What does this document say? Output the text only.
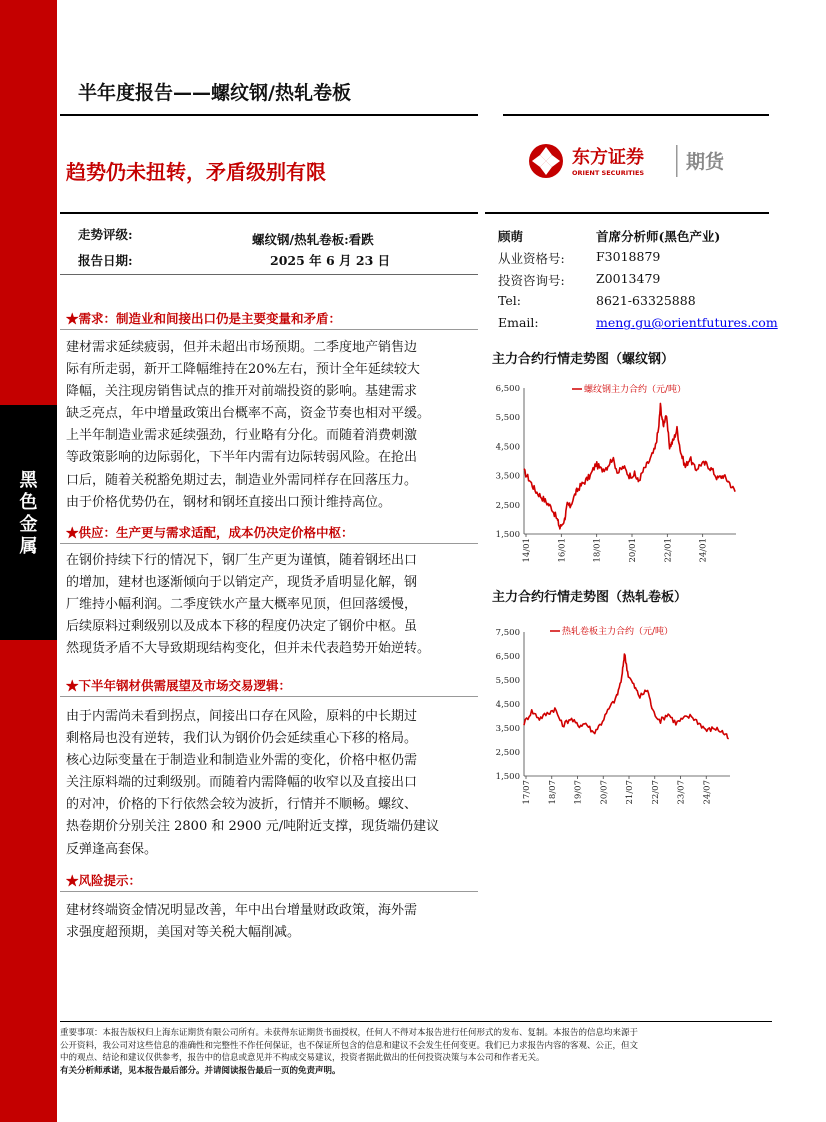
黑
色
金
属
半年度报告——螺纹钢/热轧卷板
趋势仍未扭转，矛盾级别有限
东方证券
ORIENT SECURITIES 期货
走势评级:	螺纹钢/热轧卷板:看跌
报告日期:	2025 年 6 月 23 日
顾萌	首席分析师(黑色产业)
从业资格号:	F3018879
投资咨询号:	Z0013479
Tel:	8621-63325888
Email:	meng.gu@orientfutures.com
★需求：制造业和间接出口仍是主要变量和矛盾：
建材需求延续疲弱，但并未超出市场预期。二季度地产销售边
际有所走弱，新开工降幅维持在20%左右，预计全年延续较大
降幅，关注现房销售试点的推开对前端投资的影响。基建需求
缺乏亮点，年中增量政策出台概率不高，资金节奏也相对平缓。
上半年制造业需求延续强劲，行业略有分化。而随着消费刺激
等政策影响的边际弱化，下半年内需有边际转弱风险。在抢出
口后，随着关税豁免期过去，制造业外需同样存在回落压力。
由于价格优势仍在，钢材和钢坯直接出口预计维持高位。
★供应：生产更与需求适配，成本仍决定价格中枢：
在钢价持续下行的情况下，钢厂生产更为谨慎，随着钢坯出口
的增加，建材也逐渐倾向于以销定产，现货矛盾明显化解，钢
厂维持小幅利润。二季度铁水产量大概率见顶，但回落缓慢，
后续原料过剩级别以及成本下移的程度仍决定了钢价中枢。虽
然现货矛盾不大导致期现结构变化，但并未代表趋势开始逆转。
★下半年钢材供需展望及市场交易逻辑：
由于内需尚未看到拐点，间接出口存在风险，原料的中长期过
剩格局也没有逆转，我们认为钢价仍会延续重心下移的格局。
核心边际变量在于制造业和制造业外需的变化，价格中枢仍需
关注原料端的过剩级别。而随着内需降幅的收窄以及直接出口
的对冲，价格的下行依然会较为波折，行情并不顺畅。螺纹、
热卷期价分别关注 2800 和 2900 元/吨附近支撑，现货端仍建议
反弹逢高套保。
★风险提示：
建材终端资金情况明显改善，年中出台增量财政政策，海外需
求强度超预期，美国对等关税大幅削减。
主力合约行情走势图（螺纹钢）
螺纹钢主力合约（元/吨）
1,500
2,500
3,500
4,500
5,500
6,500
14/01	16/01	18/01	20/01	22/01	24/01
主力合约行情走势图（热轧卷板）
热轧卷板主力合约（元/吨）
1,500
2,500
3,500
4,500
5,500
6,500
7,500
17/07 18/07 19/07 20/07 21/07 22/07 23/07 24/07
重要事项：本报告版权归上海东证期货有限公司所有。未获得东证期货书面授权，任何人不得对本报告进行任何形式的发布、复制。本报告的信息均来源于
公开资料，我公司对这些信息的准确性和完整性不作任何保证，也不保证所包含的信息和建议不会发生任何变更。我们已力求报告内容的客观、公正，但文
中的观点、结论和建议仅供参考，报告中的信息或意见并不构成交易建议，投资者据此做出的任何投资决策与本公司和作者无关。
有关分析师承诺，见本报告最后部分。并请阅读报告最后一页的免责声明。
